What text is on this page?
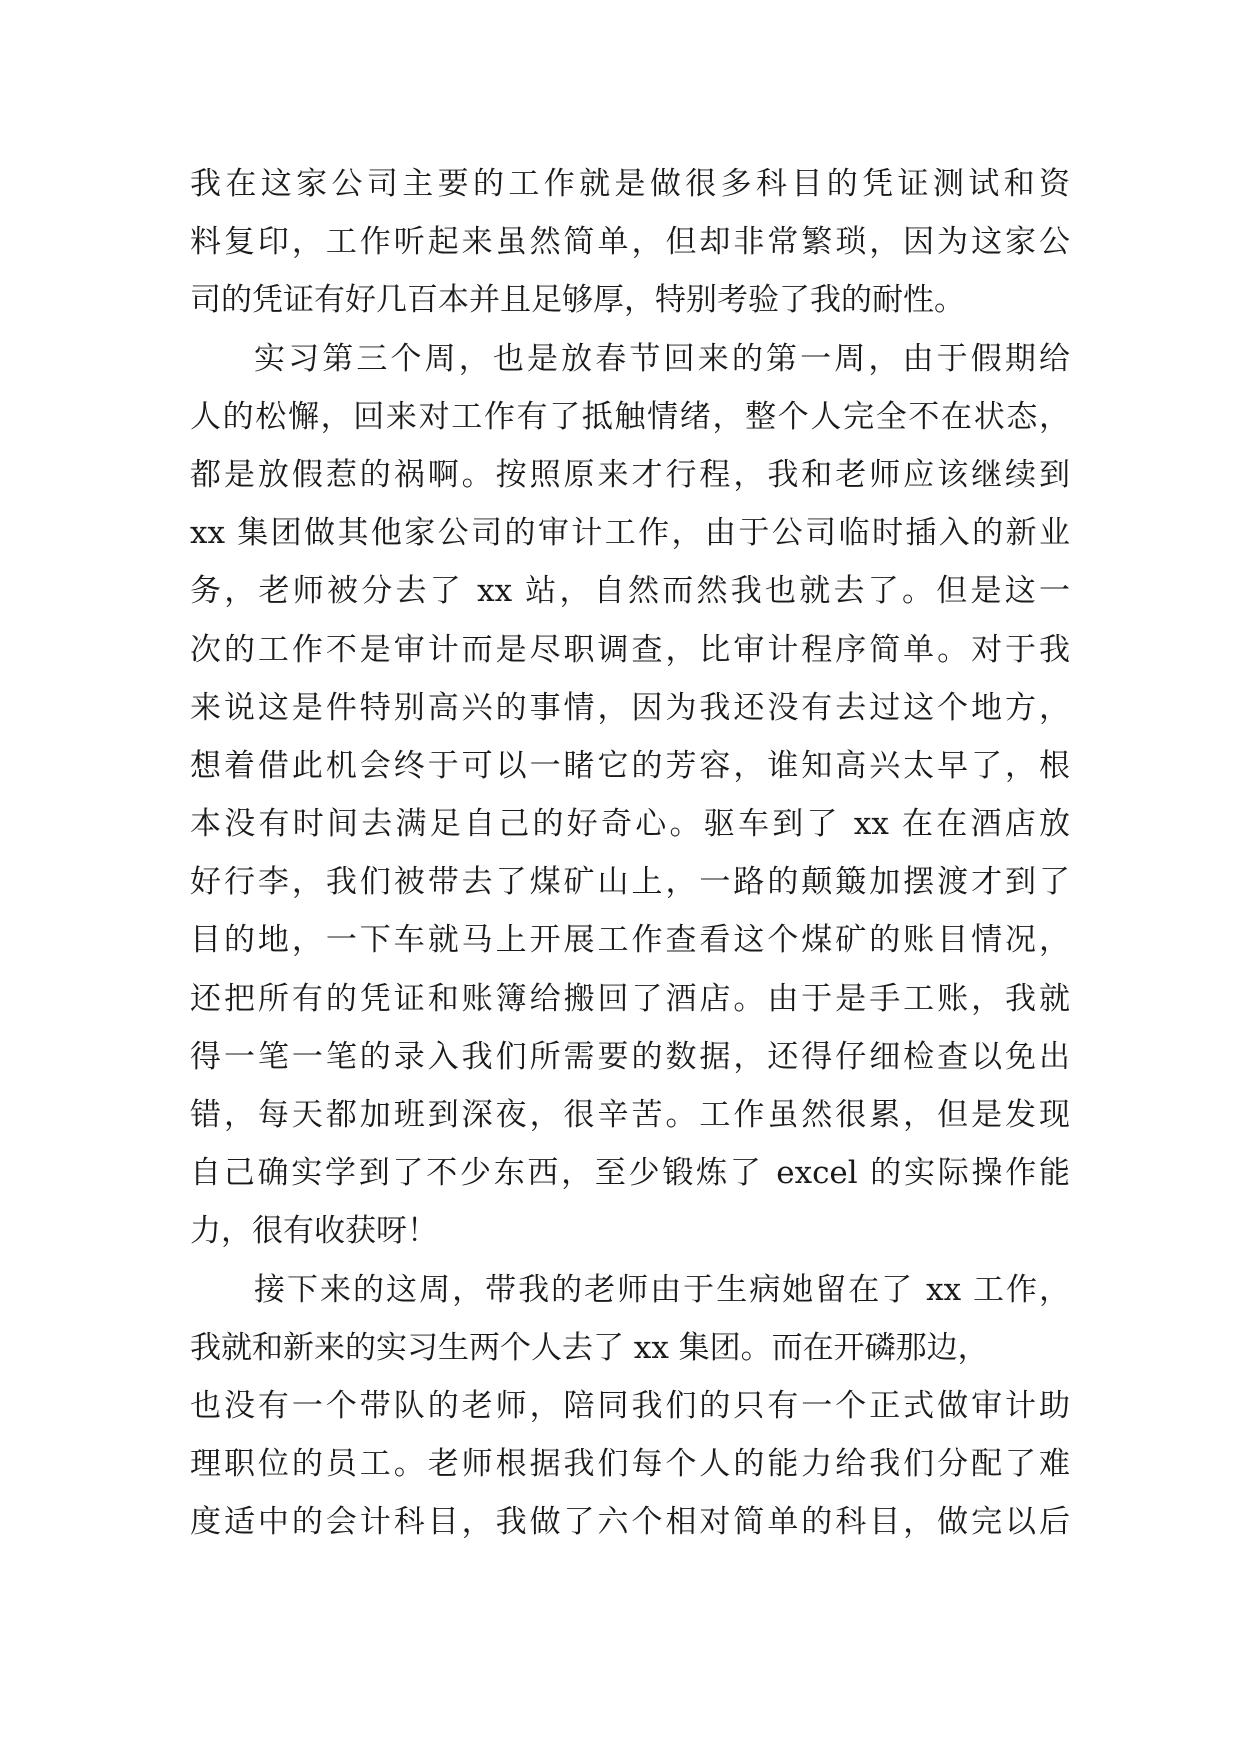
我在这家公司主要的工作就是做很多科目的凭证测试和资
料复印，工作听起来虽然简单，但却非常繁琐，因为这家公
司的凭证有好几百本并且足够厚，特别考验了我的耐性。
实习第三个周，也是放春节回来的第一周，由于假期给
人的松懈，回来对工作有了抵触情绪，整个人完全不在状态，
都是放假惹的祸啊。按照原来才行程，我和老师应该继续到
xx 集团做其他家公司的审计工作，由于公司临时插入的新业
务，老师被分去了 xx 站，自然而然我也就去了。但是这一
次的工作不是审计而是尽职调查，比审计程序简单。对于我
来说这是件特别高兴的事情，因为我还没有去过这个地方，
想着借此机会终于可以一睹它的芳容，谁知高兴太早了，根
本没有时间去满足自己的好奇心。驱车到了 xx 在在酒店放
好行李，我们被带去了煤矿山上，一路的颠簸加摆渡才到了
目的地，一下车就马上开展工作查看这个煤矿的账目情况，
还把所有的凭证和账簿给搬回了酒店。由于是手工账，我就
得一笔一笔的录入我们所需要的数据，还得仔细检查以免出
错，每天都加班到深夜，很辛苦。工作虽然很累，但是发现
自己确实学到了不少东西，至少锻炼了 excel 的实际操作能
力，很有收获呀！
接下来的这周，带我的老师由于生病她留在了 xx 工作，
我就和新来的实习生两个人去了 xx 集团。而在开磷那边，
也没有一个带队的老师，陪同我们的只有一个正式做审计助
理职位的员工。老师根据我们每个人的能力给我们分配了难
度适中的会计科目，我做了六个相对简单的科目，做完以后
